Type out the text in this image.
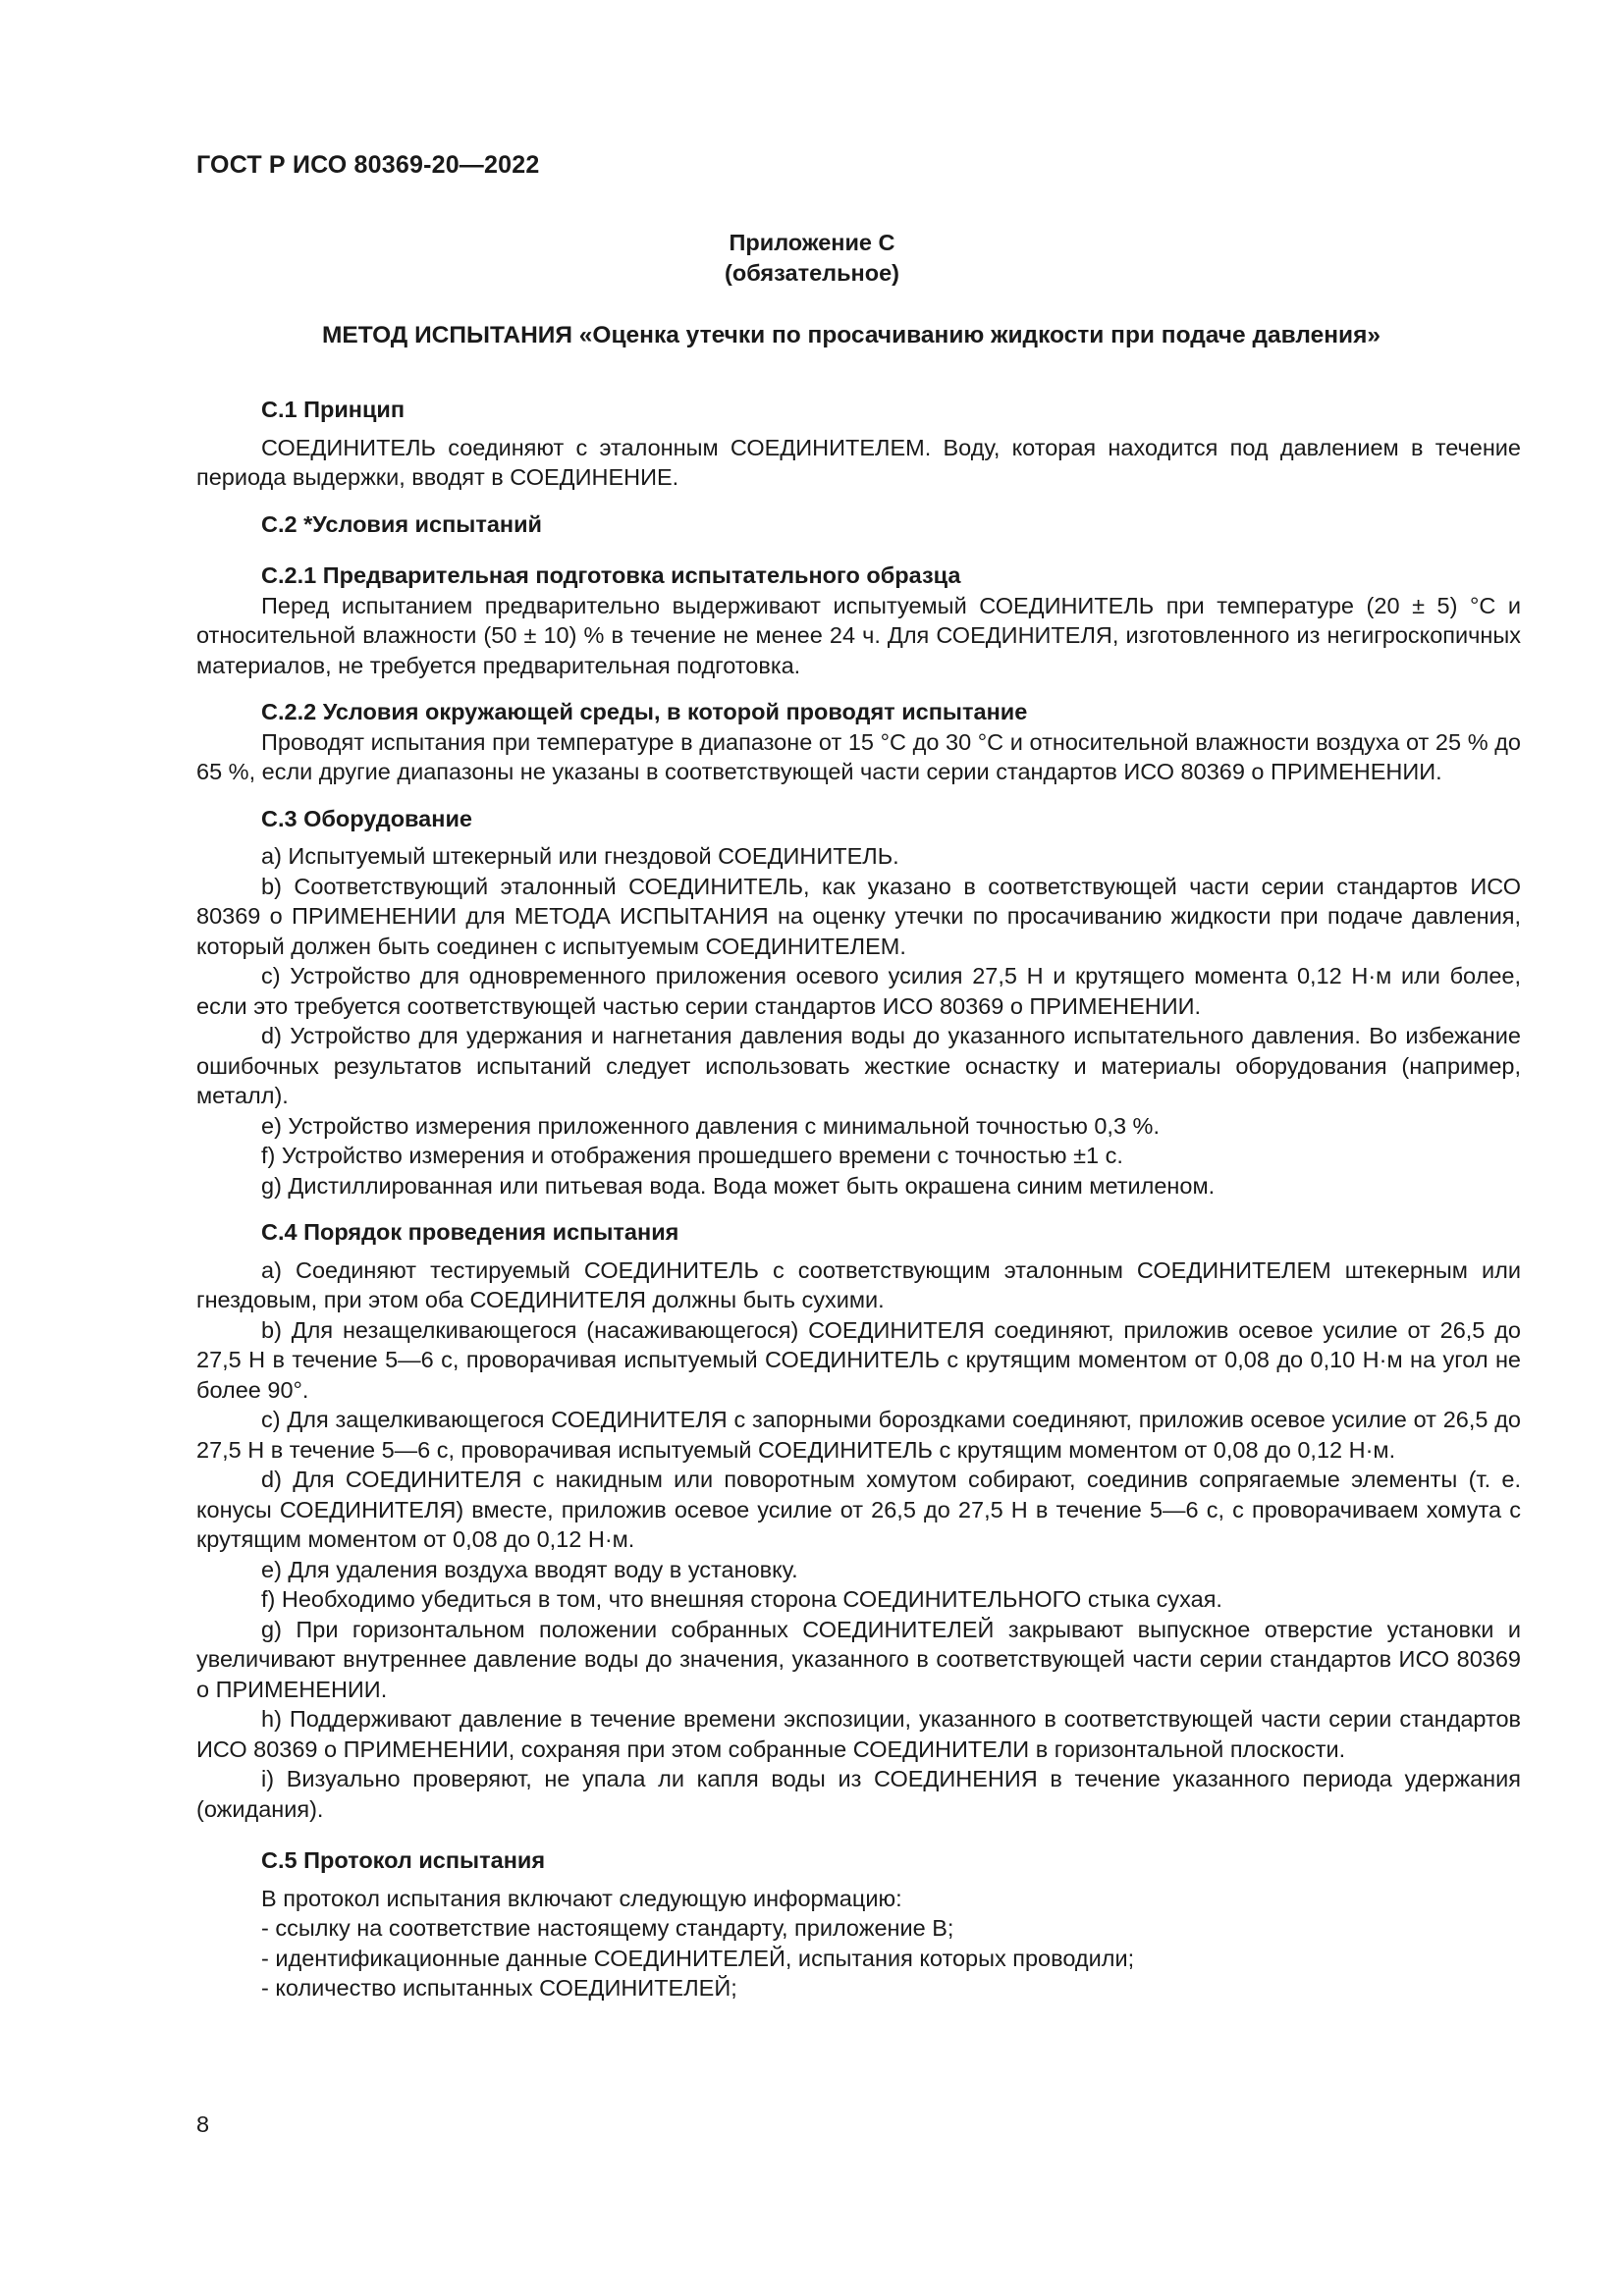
ГОСТ Р ИСО 80369-20—2022
Приложение С
(обязательное)
МЕТОД ИСПЫТАНИЯ «Оценка утечки по просачиванию жидкости при подаче давления»
С.1 Принцип

СОЕДИНИТЕЛЬ соединяют с эталонным СОЕДИНИТЕЛЕМ. Воду, которая находится под давлением в течение периода выдержки, вводят в СОЕДИНЕНИЕ.

С.2 *Условия испытаний
С.2.1 Предварительная подготовка испытательного образца

Перед испытанием предварительно выдерживают испытуемый СОЕДИНИТЕЛЬ при температуре (20 ± 5) °С и относительной влажности (50 ± 10) % в течение не менее 24 ч. Для СОЕДИНИТЕЛЯ, изготовленного из негигроскопичных материалов, не требуется предварительная подготовка.

С.2.2 Условия окружающей среды, в которой проводят испытание

Проводят испытания при температуре в диапазоне от 15 °С до 30 °С и относительной влажности воздуха от 25 % до 65 %, если другие диапазоны не указаны в соответствующей части серии стандартов ИСО 80369 о ПРИМЕНЕНИИ.

С.3 Оборудование

a) Испытуемый штекерный или гнездовой СОЕДИНИТЕЛЬ.

b) Соответствующий эталонный СОЕДИНИТЕЛЬ, как указано в соответствующей части серии стандартов ИСО 80369 о ПРИМЕНЕНИИ для МЕТОДА ИСПЫТАНИЯ на оценку утечки по просачиванию жидкости при подаче давления, который должен быть соединен с испытуемым СОЕДИНИТЕЛЕМ.

c) Устройство для одновременного приложения осевого усилия 27,5 Н и крутящего момента 0,12 Н·м или более, если это требуется соответствующей частью серии стандартов ИСО 80369 о ПРИМЕНЕНИИ.

d) Устройство для удержания и нагнетания давления воды до указанного испытательного давления. Во избежание ошибочных результатов испытаний следует использовать жесткие оснастку и материалы оборудования (например, металл).

e) Устройство измерения приложенного давления с минимальной точностью 0,3 %.

f) Устройство измерения и отображения прошедшего времени с точностью ±1 с.

g) Дистиллированная или питьевая вода. Вода может быть окрашена синим метиленом.

С.4 Порядок проведения испытания

a) Соединяют тестируемый СОЕДИНИТЕЛЬ с соответствующим эталонным СОЕДИНИТЕЛЕМ штекерным или гнездовым, при этом оба СОЕДИНИТЕЛЯ должны быть сухими.

b) Для незащелкивающегося (насаживающегося) СОЕДИНИТЕЛЯ соединяют, приложив осевое усилие от 26,5 до 27,5 Н в течение 5—6 с, проворачивая испытуемый СОЕДИНИТЕЛЬ с крутящим моментом от 0,08 до 0,10 Н·м на угол не более 90°.

c) Для защелкивающегося СОЕДИНИТЕЛЯ с запорными бороздками соединяют, приложив осевое усилие от 26,5 до 27,5 Н в течение 5—6 с, проворачивая испытуемый СОЕДИНИТЕЛЬ с крутящим моментом от 0,08 до 0,12 Н·м.

d) Для СОЕДИНИТЕЛЯ с накидным или поворотным хомутом собирают, соединив сопрягаемые элементы (т. е. конусы СОЕДИНИТЕЛЯ) вместе, приложив осевое усилие от 26,5 до 27,5 Н в течение 5—6 с, с проворачиваем хомута с крутящим моментом от 0,08 до 0,12 Н·м.

e) Для удаления воздуха вводят воду в установку.

f) Необходимо убедиться в том, что внешняя сторона СОЕДИНИТЕЛЬНОГО стыка сухая.

g) При горизонтальном положении собранных СОЕДИНИТЕЛЕЙ закрывают выпускное отверстие установки и увеличивают внутреннее давление воды до значения, указанного в соответствующей части серии стандартов ИСО 80369 о ПРИМЕНЕНИИ.

h) Поддерживают давление в течение времени экспозиции, указанного в соответствующей части серии стандартов ИСО 80369 о ПРИМЕНЕНИИ, сохраняя при этом собранные СОЕДИНИТЕЛИ в горизонтальной плоскости.

i) Визуально проверяют, не упала ли капля воды из СОЕДИНЕНИЯ в течение указанного периода удержания (ожидания).

С.5 Протокол испытания
В протокол испытания включают следующую информацию:
- ссылку на соответствие настоящему стандарту, приложение В;
- идентификационные данные СОЕДИНИТЕЛЕЙ, испытания которых проводили;
- количество испытанных СОЕДИНИТЕЛЕЙ;
8
